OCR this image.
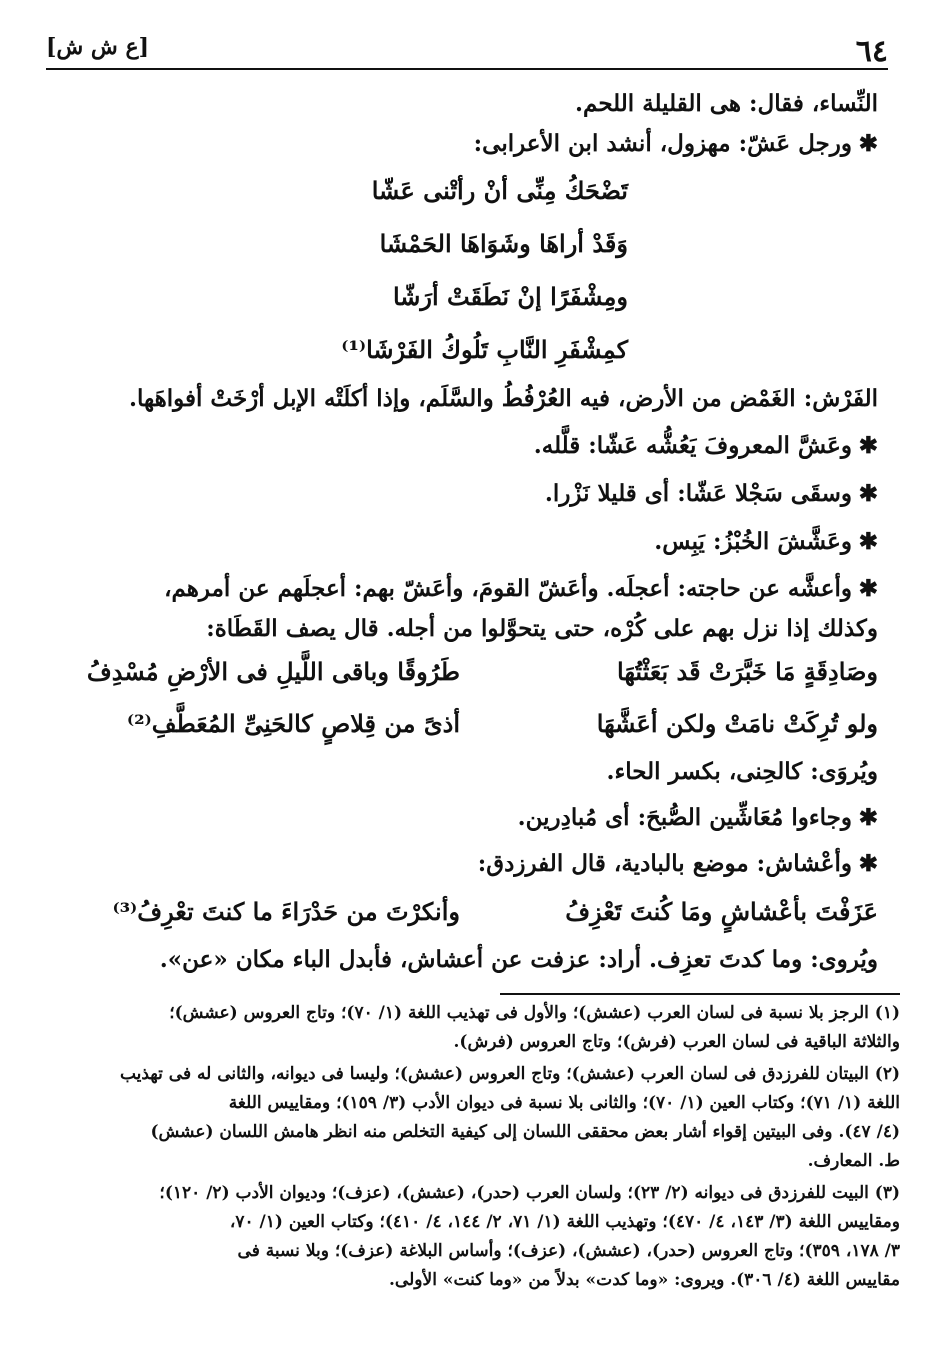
٦٤
[ع ش ش]
النِّساء، فقال: هى القليلة اللحم.
✱ورجل عَشّ: مهزول، أنشد ابن الأعرابى:
تَضْحَكُ مِنِّى أنْ رأتْنى عَشّا
وَقَدْ أراهَا وشَوَاهَا الحَمْشَا
ومِشْفَرًا إنْ نَطَقَتْ أرَشّا
كمِشْفَرِ النَّابِ تَلُوكُ الفَرْشَا⁽¹⁾
الفَرْش: الغَمْض من الأرض، فيه العُرْفُطُ والسَّلَم، وإذا أكلَتْه الإبل أرْخَتْ أفواهَها.
✱وعَشَّ المعروفَ يَعُشُّه عَشّا: قلَّله.
✱وسقَى سَجْلا عَشّا: أى قليلا نَزْرا.
✱وعَشَّشَ الخُبْزُ: يَبِس.
✱وأعشَّه عن حاجته: أعجلَه. وأعَشّ القومَ، وأعَشّ بهم: أعجلَهم عن أمرهم،
وكذلك إذا نزل بهم على كُرْه، حتى يتحوَّلوا من أجله. قال يصف القَطَاة:
وصَادِقَةٍ مَا خَبَّرَتْ قَد بَعَثْتُهَا
طَرُوقًا وباقى اللَّيلِ فى الأرْضِ مُسْدِفُ
ولو تُرِكَتْ نامَتْ ولكن أعَشَّهَا
أذىً من قِلاصٍ كالحَنِىِّ المُعَطَّفِ⁽²⁾
ويُروَى: كالحِنى، بكسر الحاء.
✱وجاءوا مُعَاشِّين الصُّبحَ: أى مُبادِرين.
✱وأعْشاش: موضع بالبادية، قال الفرزدق:
عَزَفْتَ بأعْشاشٍ ومَا كُنتَ تَعْزِفُ
وأنكرْتَ من حَدْرَاءَ ما كنتَ تعْرِفُ⁽³⁾
ويُروى: وما كدتَ تعزِف. أراد: عزفت عن أعشاش، فأبدل الباء مكان «عن».

(١) الرجز بلا نسبة فى لسان العرب (عشش)؛ والأول فى تهذيب اللغة (١/ ٧٠)؛ وتاج العروس (عشش)؛

والثلاثة الباقية فى لسان العرب (فرش)؛ وتاج العروس (فرش).

(٢) البيتان للفرزدق فى لسان العرب (عشش)؛ وتاج العروس (عشش)؛ وليسا فى ديوانه، والثانى له فى تهذيب

اللغة (١/ ٧١)؛ وكتاب العين (١/ ٧٠)؛ والثانى بلا نسبة فى ديوان الأدب (٣/ ١٥٩)؛ ومقاييس اللغة

(٤/ ٤٧). وفى البيتين إقواء أشار بعض محققى اللسان إلى كيفية التخلص منه انظر هامش اللسان (عشش)

ط. المعارف.

(٣) البيت للفرزدق فى ديوانه (٢/ ٢٣)؛ ولسان العرب (حدر)، (عشش)، (عزف)؛ وديوان الأدب (٢/ ١٢٠)؛

ومقاييس اللغة (٣/ ١٤٣، ٤/ ٤٧٠)؛ وتهذيب اللغة (١/ ٧١، ٢/ ١٤٤، ٤/ ٤١٠)؛ وكتاب العين (١/ ٧٠،

٣/ ١٧٨، ٣٥٩)؛ وتاج العروس (حدر)، (عشش)، (عزف)؛ وأساس البلاغة (عزف)؛ وبلا نسبة فى

مقاييس اللغة (٤/ ٣٠٦). ويروى: «وما كدت» بدلاً من «وما كنت» الأولى.
